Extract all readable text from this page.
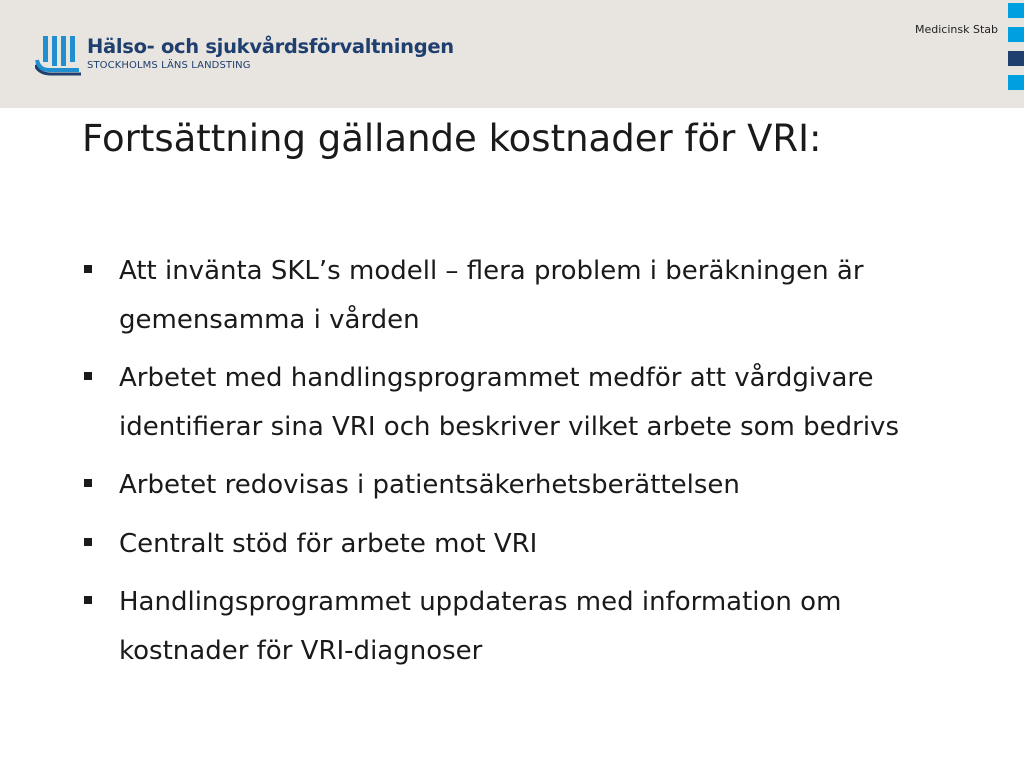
Hälso- och sjukvårdsförvaltningen
STOCKHOLMS LÄNS LANDSTING
Medicinsk Stab
Fortsättning gällande kostnader för VRI:
Att invänta SKL’s modell – flera problem i beräkningen är gemensamma i vården
Arbetet med handlingsprogrammet medför att vårdgivare identifierar sina VRI och beskriver vilket arbete som bedrivs
Arbetet redovisas i patientsäkerhetsberättelsen
Centralt stöd för arbete mot VRI
Handlingsprogrammet uppdateras med information om kostnader för VRI-diagnoser
